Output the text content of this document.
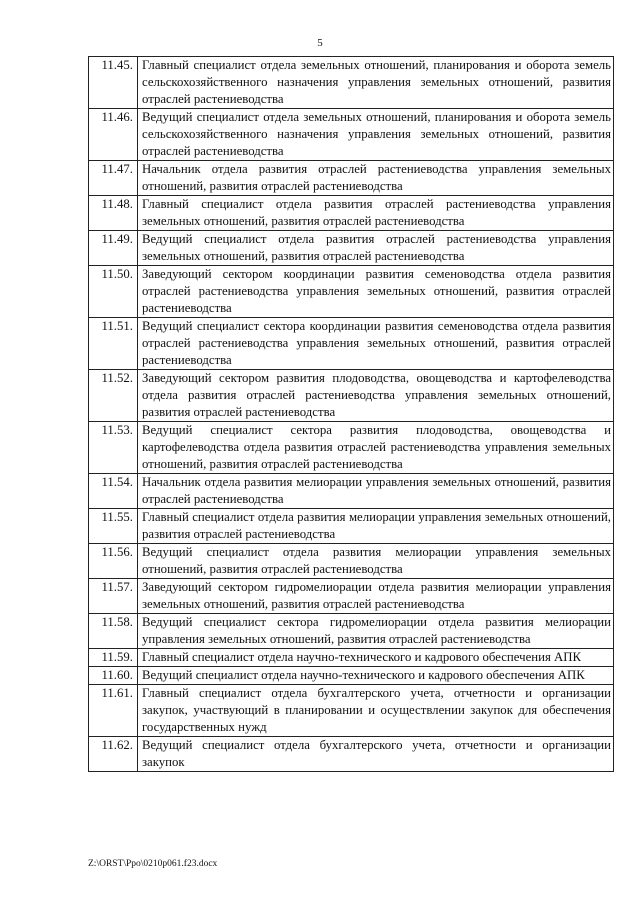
5
11.45.	Главный специалист отдела земельных отношений, планирования и оборота земель сельскохозяйственного назначения управления земельных отношений, развития отраслей растениеводства
11.46.	Ведущий специалист отдела земельных отношений, планирования и оборота земель сельскохозяйственного назначения управления земельных отношений, развития отраслей растениеводства
11.47.	Начальник отдела развития отраслей растениеводства управления земельных отношений, развития отраслей растениеводства
11.48.	Главный специалист отдела развития отраслей растениеводства управления земельных отношений, развития отраслей растениеводства
11.49.	Ведущий специалист отдела развития отраслей растениеводства управления земельных отношений, развития отраслей растениеводства
11.50.	Заведующий сектором координации развития семеноводства отдела развития отраслей растениеводства управления земельных отношений, развития отраслей растениеводства
11.51.	Ведущий специалист сектора координации развития семеноводства отдела развития отраслей растениеводства управления земельных отношений, развития отраслей растениеводства
11.52.	Заведующий сектором развития плодоводства, овощеводства и картофелеводства отдела развития отраслей растениеводства управления земельных отношений, развития отраслей растениеводства
11.53.	Ведущий специалист сектора развития плодоводства, овощеводства и картофелеводства отдела развития отраслей растениеводства управления земельных отношений, развития отраслей растениеводства
11.54.	Начальник отдела развития мелиорации управления земельных отношений, развития отраслей растениеводства
11.55.	Главный специалист отдела развития мелиорации управления земельных отношений, развития отраслей растениеводства
11.56.	Ведущий специалист отдела развития мелиорации управления земельных отношений, развития отраслей растениеводства
11.57.	Заведующий сектором гидромелиорации отдела развития мелиорации управления земельных отношений, развития отраслей растениеводства
11.58.	Ведущий специалист сектора гидромелиорации отдела развития мелиорации управления земельных отношений, развития отраслей растениеводства
11.59.	Главный специалист отдела научно-технического и кадрового обеспечения АПК
11.60.	Ведущий специалист отдела научно-технического и кадрового обеспечения АПК
11.61.	Главный специалист отдела бухгалтерского учета, отчетности и организации закупок, участвующий в планировании и осуществлении закупок для обеспечения государственных нужд
11.62.	Ведущий специалист отдела бухгалтерского учета, отчетности и организации закупок
Z:\ORST\Ppo\0210p061.f23.docx
